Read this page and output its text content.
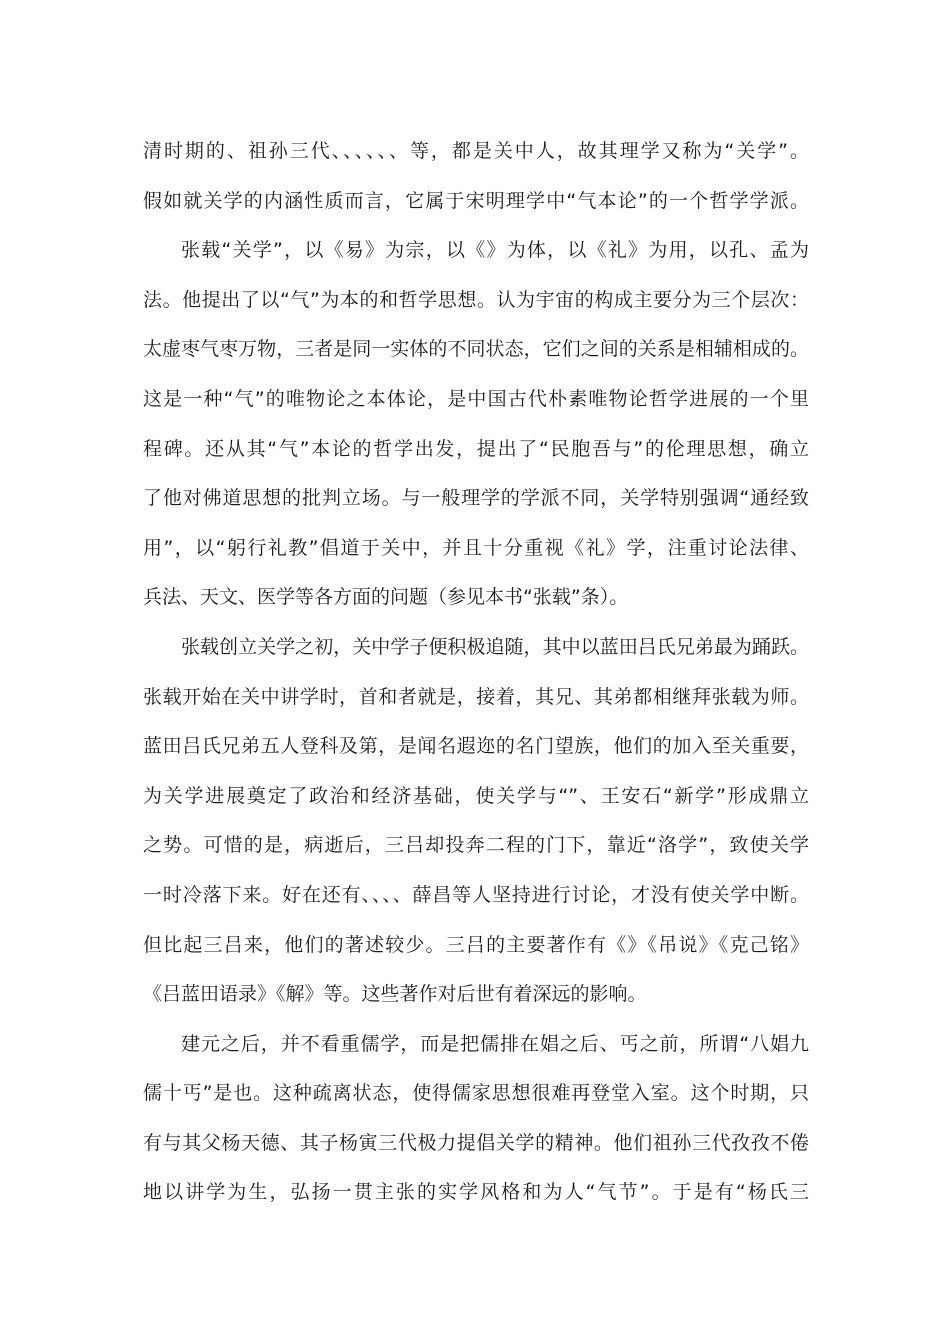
清时期的、祖孙三代、、、、、、等，都是关中人，故其理学又称为“关学”。
假如就关学的内涵性质而言，它属于宋明理学中“气本论”的一个哲学学派。
张载“关学”，以《易》为宗，以《》为体，以《礼》为用，以孔、孟为
法。他提出了以“气”为本的和哲学思想。认为宇宙的构成主要分为三个层次：
太虚枣气枣万物，三者是同一实体的不同状态，它们之间的关系是相辅相成的。
这是一种“气”的唯物论之本体论，是中国古代朴素唯物论哲学进展的一个里
程碑。还从其“气”本论的哲学出发，提出了“民胞吾与”的伦理思想，确立
了他对佛道思想的批判立场。与一般理学的学派不同，关学特别强调“通经致
用”，以“躬行礼教”倡道于关中，并且十分重视《礼》学，注重讨论法律、
兵法、天文、医学等各方面的问题（参见本书“张载”条）。
张载创立关学之初，关中学子便积极追随，其中以蓝田吕氏兄弟最为踊跃。
张载开始在关中讲学时，首和者就是，接着，其兄、其弟都相继拜张载为师。
蓝田吕氏兄弟五人登科及第，是闻名遐迩的名门望族，他们的加入至关重要，
为关学进展奠定了政治和经济基础，使关学与“”、王安石“新学”形成鼎立
之势。可惜的是，病逝后，三吕却投奔二程的门下，靠近“洛学”，致使关学
一时冷落下来。好在还有、、、、薛昌等人坚持进行讨论，才没有使关学中断。
但比起三吕来，他们的著述较少。三吕的主要著作有《》《吊说》《克己铭》
《吕蓝田语录》《解》等。这些著作对后世有着深远的影响。
建元之后，并不看重儒学，而是把儒排在娼之后、丐之前，所谓“八娼九
儒十丐”是也。这种疏离状态，使得儒家思想很难再登堂入室。这个时期，只
有与其父杨天德、其子杨寅三代极力提倡关学的精神。他们祖孙三代孜孜不倦
地以讲学为生，弘扬一贯主张的实学风格和为人“气节”。于是有“杨氏三
